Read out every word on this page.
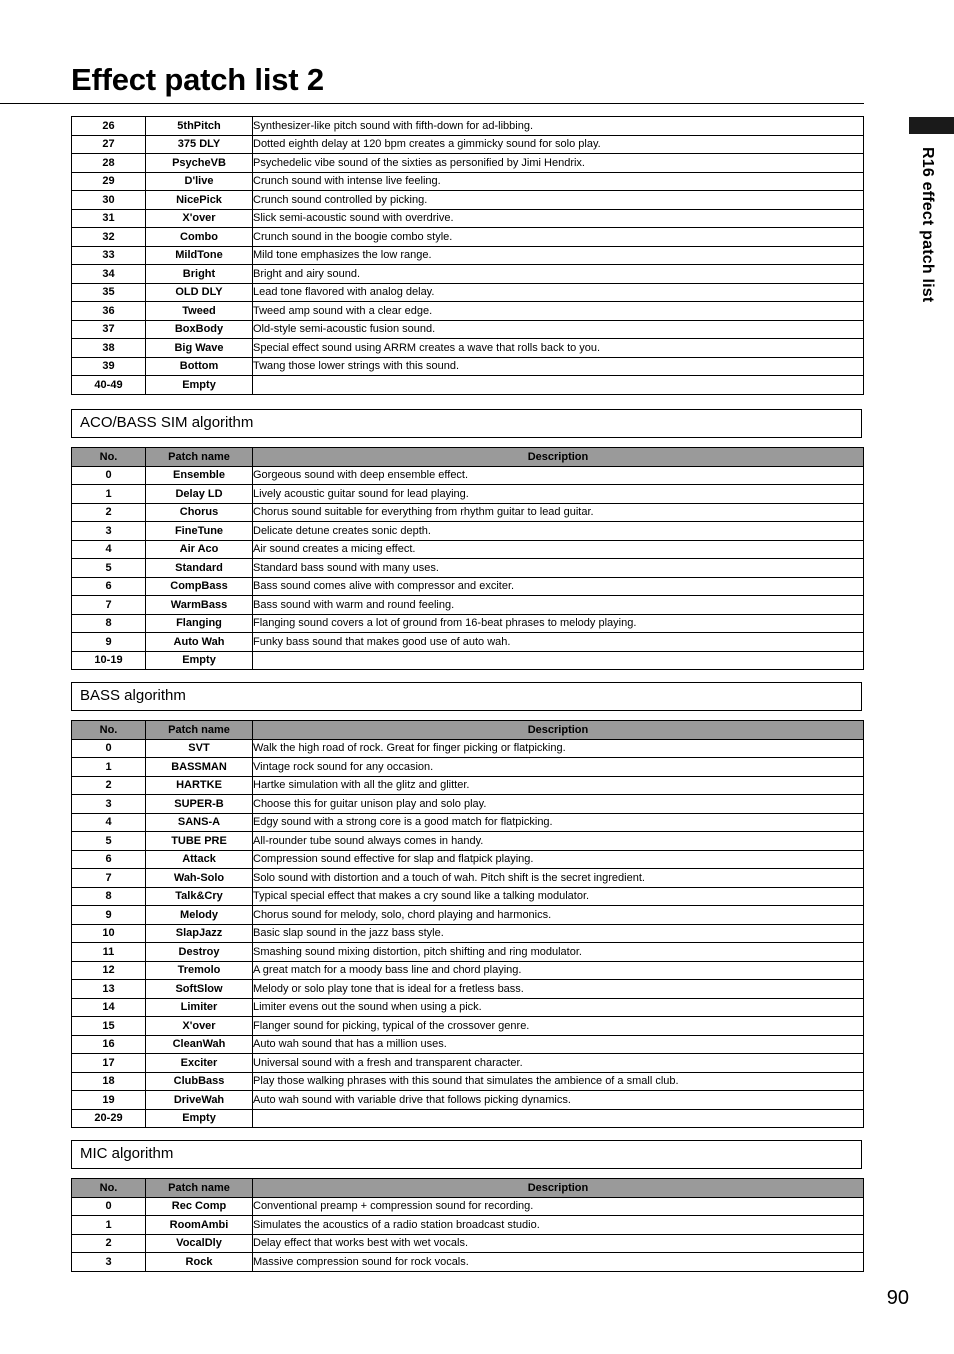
Effect patch list 2
R16 effect patch list
26	5thPitch	Synthesizer-like pitch sound with fifth-down for ad-libbing.
27	375 DLY	Dotted eighth delay at 120 bpm creates a gimmicky sound for solo play.
28	PsycheVB	Psychedelic vibe sound of the sixties as personified by Jimi Hendrix.
29	D'live	Crunch sound with intense live feeling.
30	NicePick	Crunch sound controlled by picking.
31	X'over	Slick semi-acoustic sound with overdrive.
32	Combo	Crunch sound in the boogie combo style.
33	MildTone	Mild tone emphasizes the low range.
34	Bright	Bright and airy sound.
35	OLD DLY	Lead tone flavored with analog delay.
36	Tweed	Tweed amp sound with a clear edge.
37	BoxBody	Old-style semi-acoustic fusion sound.
38	Big Wave	Special effect sound using ARRM creates a wave that rolls back to you.
39	Bottom	Twang those lower strings with this sound.
40-49	Empty	
ACO/BASS SIM algorithm
No.	Patch name	Description
0	Ensemble	Gorgeous sound with deep ensemble effect.
1	Delay LD	Lively acoustic guitar sound for lead playing.
2	Chorus	Chorus sound suitable for everything from rhythm guitar to lead guitar.
3	FineTune	Delicate detune creates sonic depth.
4	Air Aco	Air sound creates a micing effect.
5	Standard	Standard bass sound with many uses.
6	CompBass	Bass sound comes alive with compressor and exciter.
7	WarmBass	Bass sound with warm and round feeling.
8	Flanging	Flanging sound covers a lot of ground from 16-beat phrases to melody playing.
9	Auto Wah	Funky bass sound that makes good use of auto wah.
10-19	Empty	
BASS algorithm
No.	Patch name	Description
0	SVT	Walk the high road of rock. Great for finger picking or flatpicking.
1	BASSMAN	Vintage rock sound for any occasion.
2	HARTKE	Hartke simulation with all the glitz and glitter.
3	SUPER-B	Choose this for guitar unison play and solo play.
4	SANS-A	Edgy sound with a strong core is a good match for flatpicking.
5	TUBE PRE	All-rounder tube sound always comes in handy.
6	Attack	Compression sound effective for slap and flatpick playing.
7	Wah-Solo	Solo sound with distortion and a touch of wah. Pitch shift is the secret ingredient.
8	Talk&Cry	Typical special effect that makes a cry sound like a talking modulator.
9	Melody	Chorus sound for melody, solo, chord playing and harmonics.
10	SlapJazz	Basic slap sound in the jazz bass style.
11	Destroy	Smashing sound mixing distortion, pitch shifting and ring modulator.
12	Tremolo	A great match for a moody bass line and chord playing.
13	SoftSlow	Melody or solo play tone that is ideal for a fretless bass.
14	Limiter	Limiter evens out the sound when using a pick.
15	X'over	Flanger sound for picking, typical of the crossover genre.
16	CleanWah	Auto wah sound that has a million uses.
17	Exciter	Universal sound with a fresh and transparent character.
18	ClubBass	Play those walking phrases with this sound that simulates the ambience of a small club.
19	DriveWah	Auto wah sound with variable drive that follows picking dynamics.
20-29	Empty	
MIC algorithm
No.	Patch name	Description
0	Rec Comp	Conventional preamp + compression sound for recording.
1	RoomAmbi	Simulates the acoustics of a radio station broadcast studio.
2	VocalDly	Delay effect that works best with wet vocals.
3	Rock	Massive compression sound for rock vocals.
90
